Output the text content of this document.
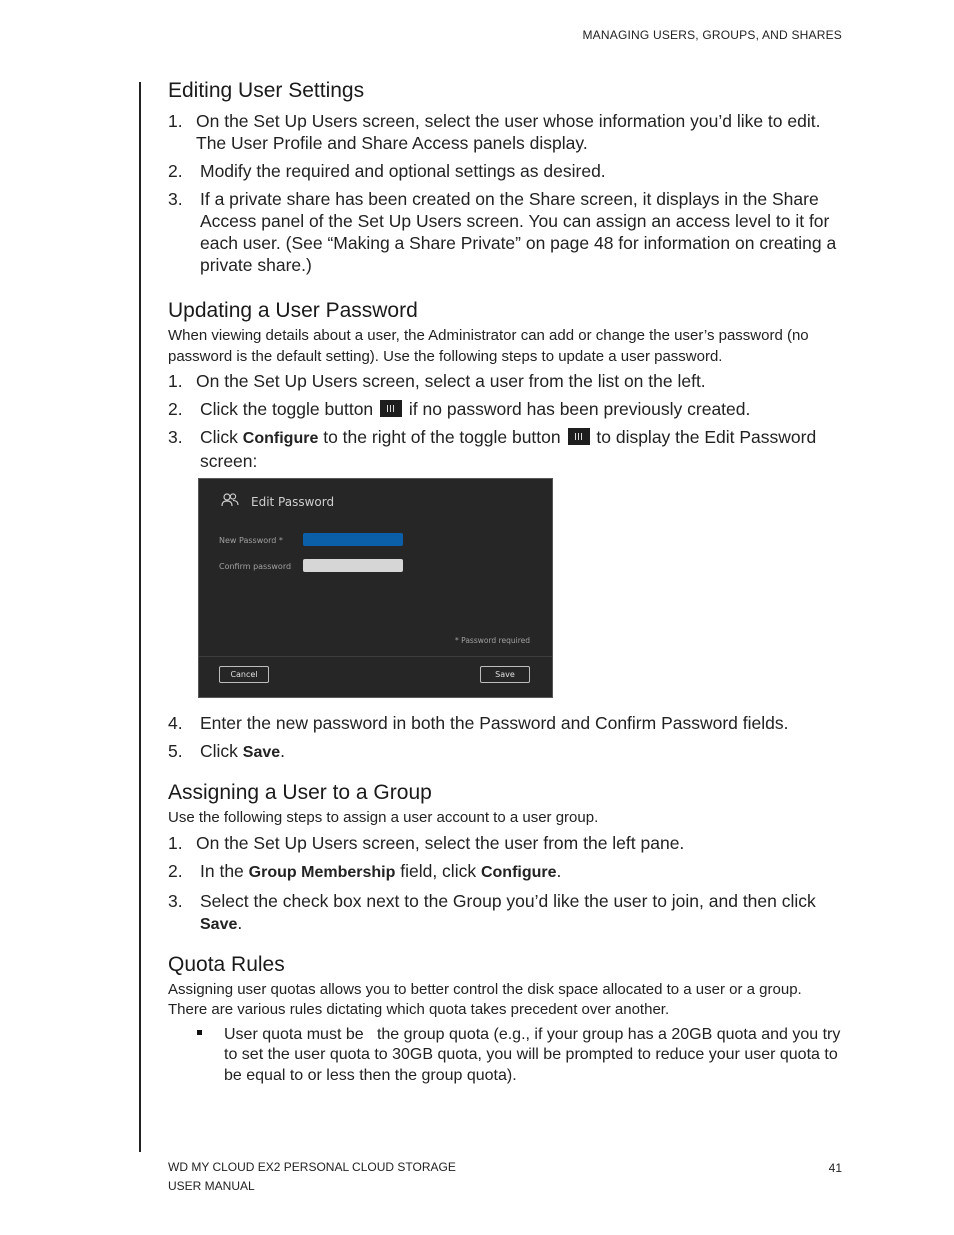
MANAGING USERS, GROUPS, AND SHARES
Editing User Settings
1. On the Set Up Users screen, select the user whose information you’d like to edit. The User Profile and Share Access panels display.
2. Modify the required and optional settings as desired.
3. If a private share has been created on the Share screen, it displays in the Share Access panel of the Set Up Users screen. You can assign an access level to it for each user. (See “Making a Share Private” on page 48 for information on creating a private share.)
Updating a User Password

When viewing details about a user, the Administrator can add or change the user’s password (no password is the default setting). Use the following steps to update a user password.

1. On the Set Up Users screen, select a user from the list on the left.
2. Click the toggle button if no password has been previously created.
3. Click Configure to the right of the toggle button to display the Edit Password screen:
Edit Password
New Password *
Confirm password
* Password required
Cancel	Save
4. Enter the new password in both the Password and Confirm Password fields.
5. Click Save.
Assigning a User to a Group

Use the following steps to assign a user account to a user group.

1. On the Set Up Users screen, select the user from the left pane.
2. In the Group Membership field, click Configure.
3. Select the check box next to the Group you’d like the user to join, and then click Save.
Quota Rules

Assigning user quotas allows you to better control the disk space allocated to a user or a group. There are various rules dictating which quota takes precedent over another.

User quota must be   the group quota (e.g., if your group has a 20GB quota and you try to set the user quota to 30GB quota, you will be prompted to reduce your user quota to be equal to or less then the group quota).
WD MY CLOUD EX2 PERSONAL CLOUD STORAGE
USER MANUAL
41
